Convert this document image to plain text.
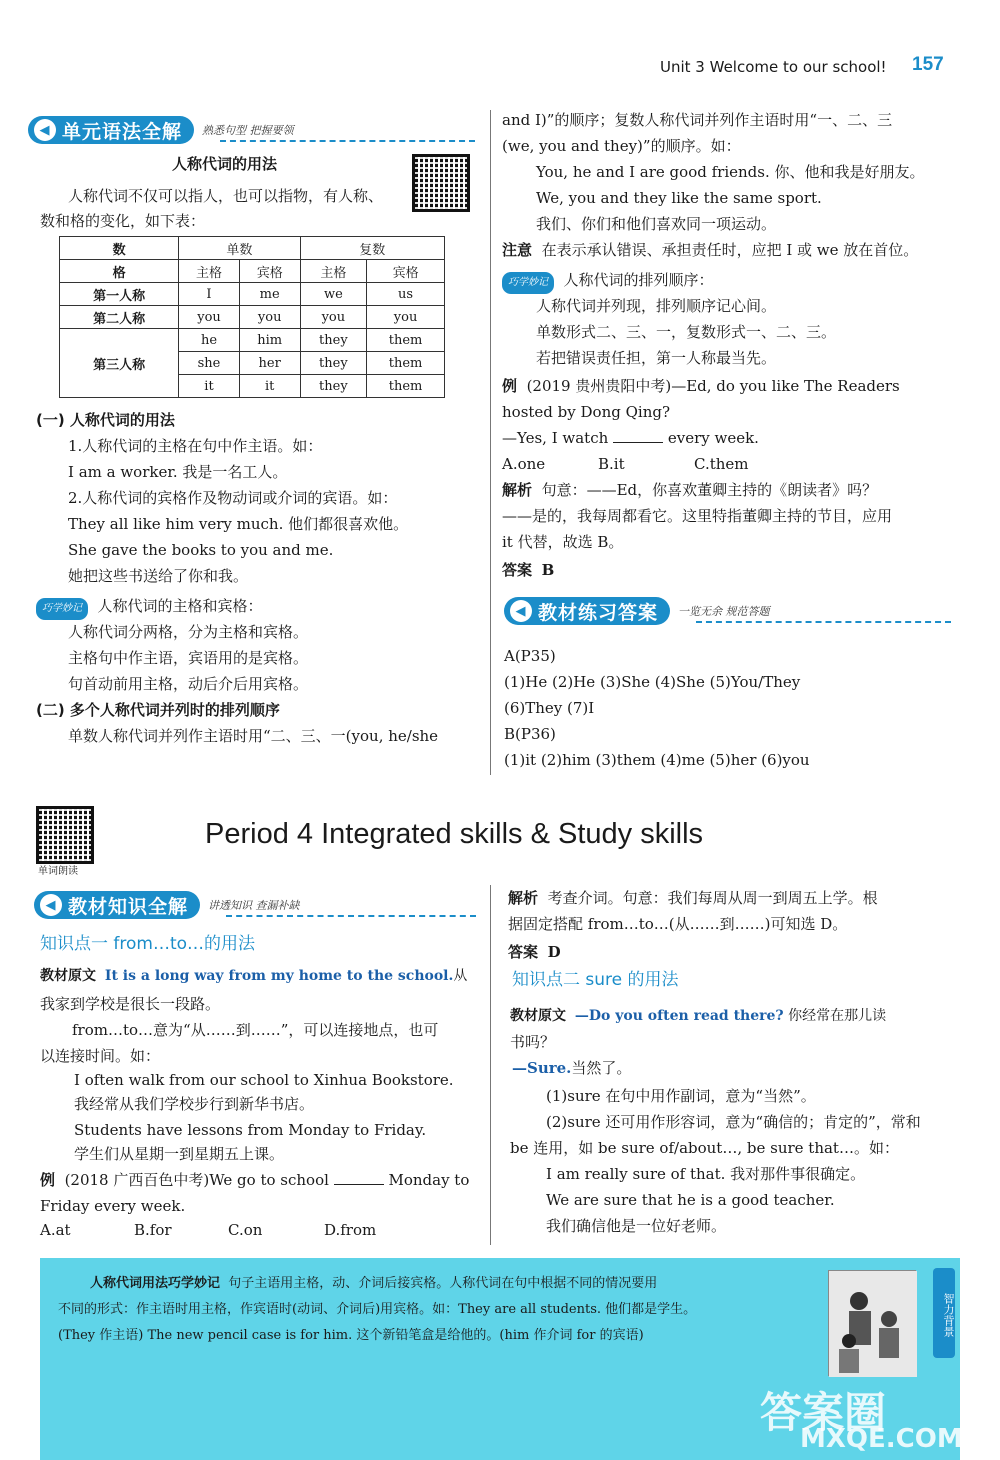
Unit 3 Welcome to our school! 157
◀ 单元语法全解 熟悉句型 把握要领
人称代词的用法
人称代词不仅可以指人，也可以指物，有人称、
数和格的变化，如下表：
数	单数		复数	
格	主格	宾格	主格	宾格
第一人称	I	me	we	us
第二人称	you	you	you	you
第三人称	he	him	they	them
	she	her	they	them
	it	it	they	them
(一) 人称代词的用法
1.人称代词的主格在句中作主语。如：
I am a worker. 我是一名工人。
2.人称代词的宾格作及物动词或介词的宾语。如：
They all like him very much. 他们都很喜欢他。
She gave the books to you and me.
她把这些书送给了你和我。
巧学妙记 人称代词的主格和宾格：
人称代词分两格，分为主格和宾格。
主格句中作主语，宾语用的是宾格。
句首动前用主格，动后介后用宾格。
(二) 多个人称代词并列时的排列顺序
单数人称代词并列作主语时用“二、三、一(you, he/she
and I)”的顺序；复数人称代词并列作主语时用“一、二、三
(we, you and they)”的顺序。如：
You, he and I are good friends. 你、他和我是好朋友。
We, you and they like the same sport.
我们、你们和他们喜欢同一项运动。
注意 在表示承认错误、承担责任时，应把 I 或 we 放在首位。
巧学妙记 人称代词的排列顺序：
人称代词并列现，排列顺序记心间。
单数形式二、三、一，复数形式一、二、三。
若把错误责任担，第一人称最当先。
例 (2019 贵州贵阳中考)—Ed, do you like The Readers
hosted by Dong Qing?
—Yes, I watch	every week.
A.one	B.it	C.them
解析 句意：——Ed，你喜欢董卿主持的《朗读者》吗？
——是的，我每周都看它。这里特指董卿主持的节目，应用
it 代替，故选 B。
答案 B
◀ 教材练习答案 一览无余 规范答题
A(P35)
(1)He (2)He (3)She (4)She (5)You/They
(6)They (7)I
B(P36)
(1)it (2)him (3)them (4)me (5)her (6)you
单词朗读
Period 4 Integrated skills & Study skills
◀ 教材知识全解 讲透知识 查漏补缺
知识点一 from…to…的用法
教材原文 It is a long way from my home to the school.从
我家到学校是很长一段路。
from…to…意为“从……到……”，可以连接地点，也可
以连接时间。如：
I often walk from our school to Xinhua Bookstore.
我经常从我们学校步行到新华书店。
Students have lessons from Monday to Friday.
学生们从星期一到星期五上课。
例 (2018 广西百色中考)We go to school	Monday to
Friday every week.
A.at	B.for	C.on	D.from
解析 考查介词。句意：我们每周从周一到周五上学。根
据固定搭配 from…to…(从……到……)可知选 D。
答案 D
知识点二 sure 的用法
教材原文 —Do you often read there? 你经常在那儿读
书吗？
—Sure.当然了。
(1)sure 在句中用作副词，意为“当然”。
(2)sure 还可用作形容词，意为“确信的；肯定的”，常和
be 连用，如 be sure of/about…, be sure that…。如：
I am really sure of that. 我对那件事很确定。
We are sure that he is a good teacher.
我们确信他是一位好老师。
人称代词用法巧学妙记 句子主语用主格，动、介词后接宾格。人称代词在句中根据不同的情况要用
不同的形式：作主语时用主格，作宾语时(动词、介词后)用宾格。如：They are all students. 他们都是学生。
(They 作主语) The new pencil case is for him. 这个新铅笔盒是给他的。(him 作介词 for 的宾语)	智力背景
答案圈
MXQE.COM
